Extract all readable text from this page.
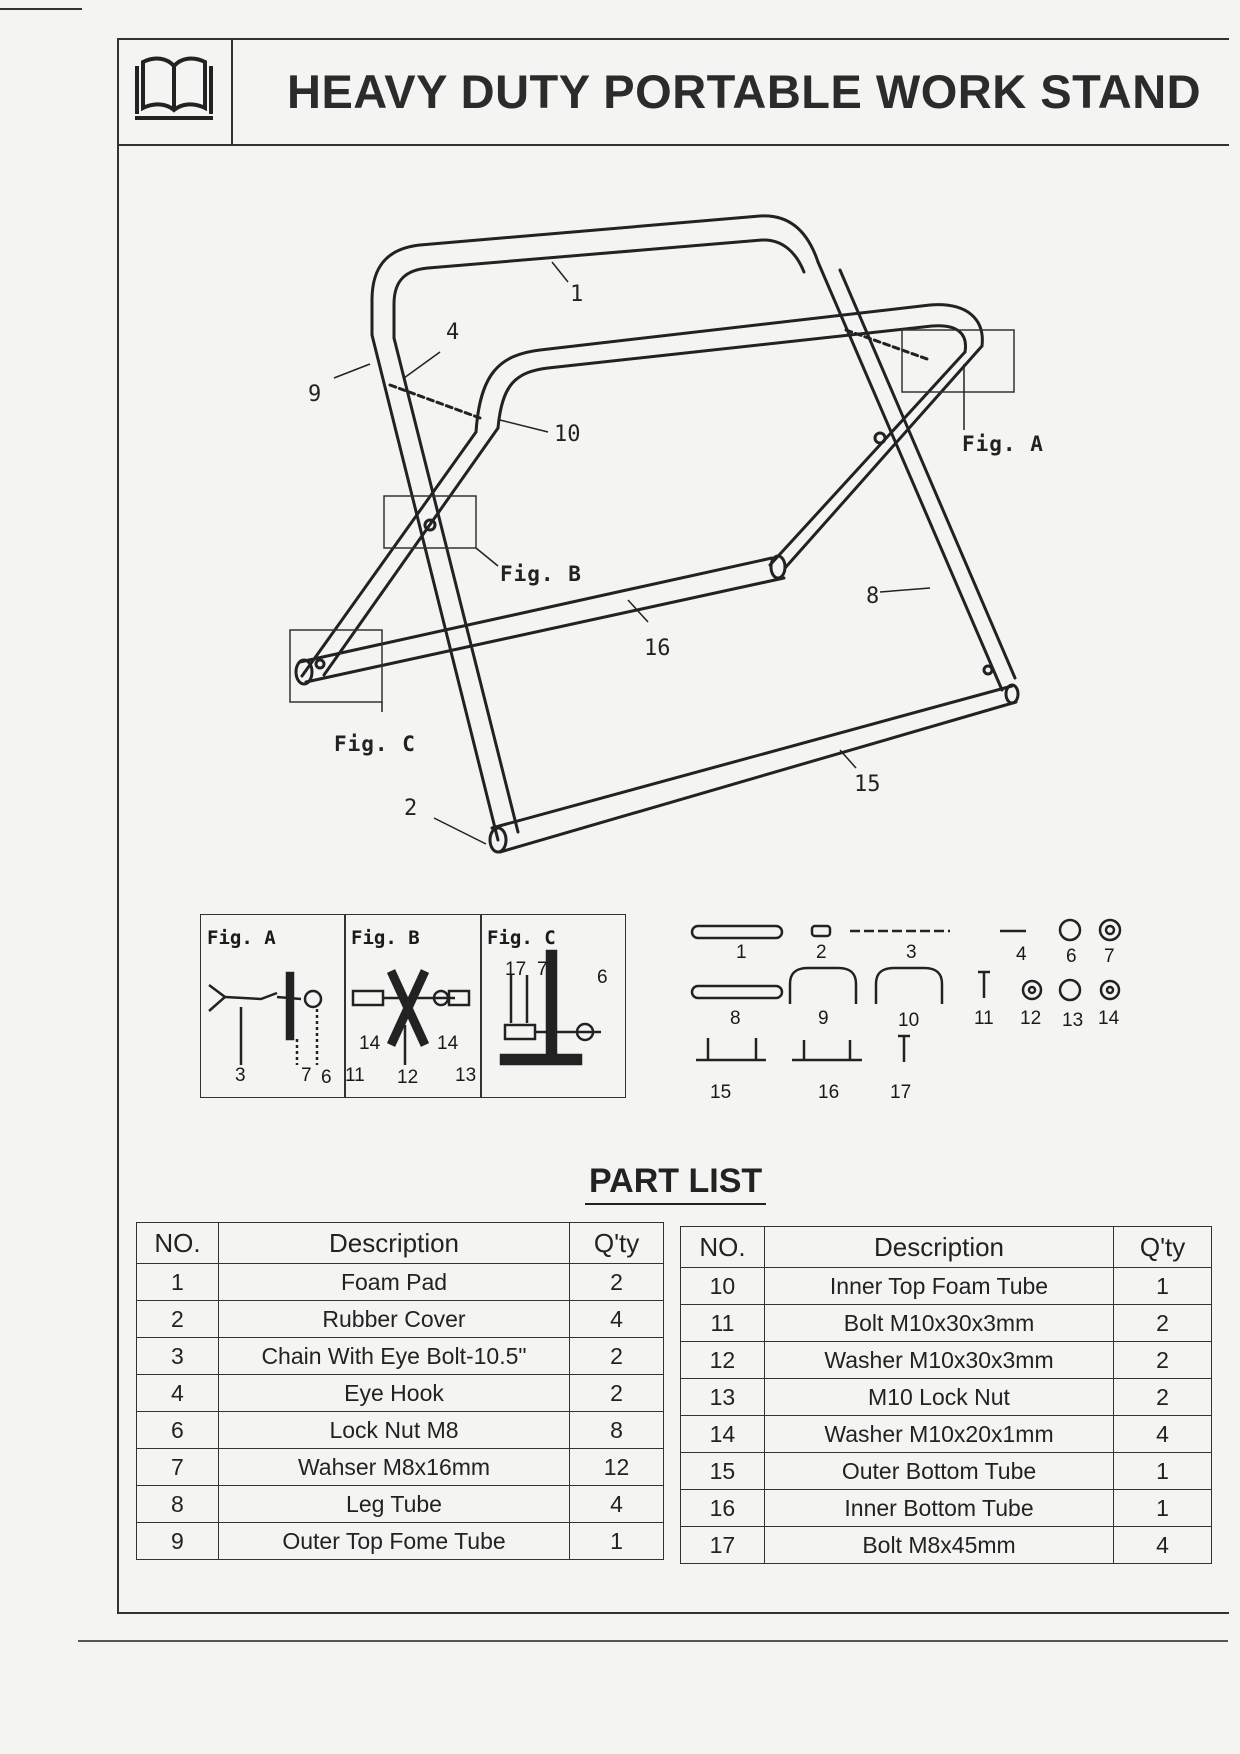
HEAVY DUTY PORTABLE WORK STAND
1
4
9
10
8
16
15
2
Fig. A
Fig. B
Fig. C
Fig. A
3	7 6
Fig. B
11
14
12
14
13
Fig. C
17 7	6
1	2	3	4 6 7
8	9	10	11 12 13 14
15	16	17
PART LIST
NO.	Description	Q'ty
1	Foam Pad	2
2	Rubber Cover	4
3	Chain With Eye Bolt-10.5"	2
4	Eye Hook	2
6	Lock Nut M8	8
7	Wahser M8x16mm	12
8	Leg Tube	4
9	Outer Top Fome Tube	1
NO.	Description	Q'ty
10	Inner Top Foam Tube	1
11	Bolt M10x30x3mm	2
12	Washer M10x30x3mm	2
13	M10 Lock Nut	2
14	Washer M10x20x1mm	4
15	Outer Bottom Tube	1
16	Inner Bottom Tube	1
17	Bolt M8x45mm	4
